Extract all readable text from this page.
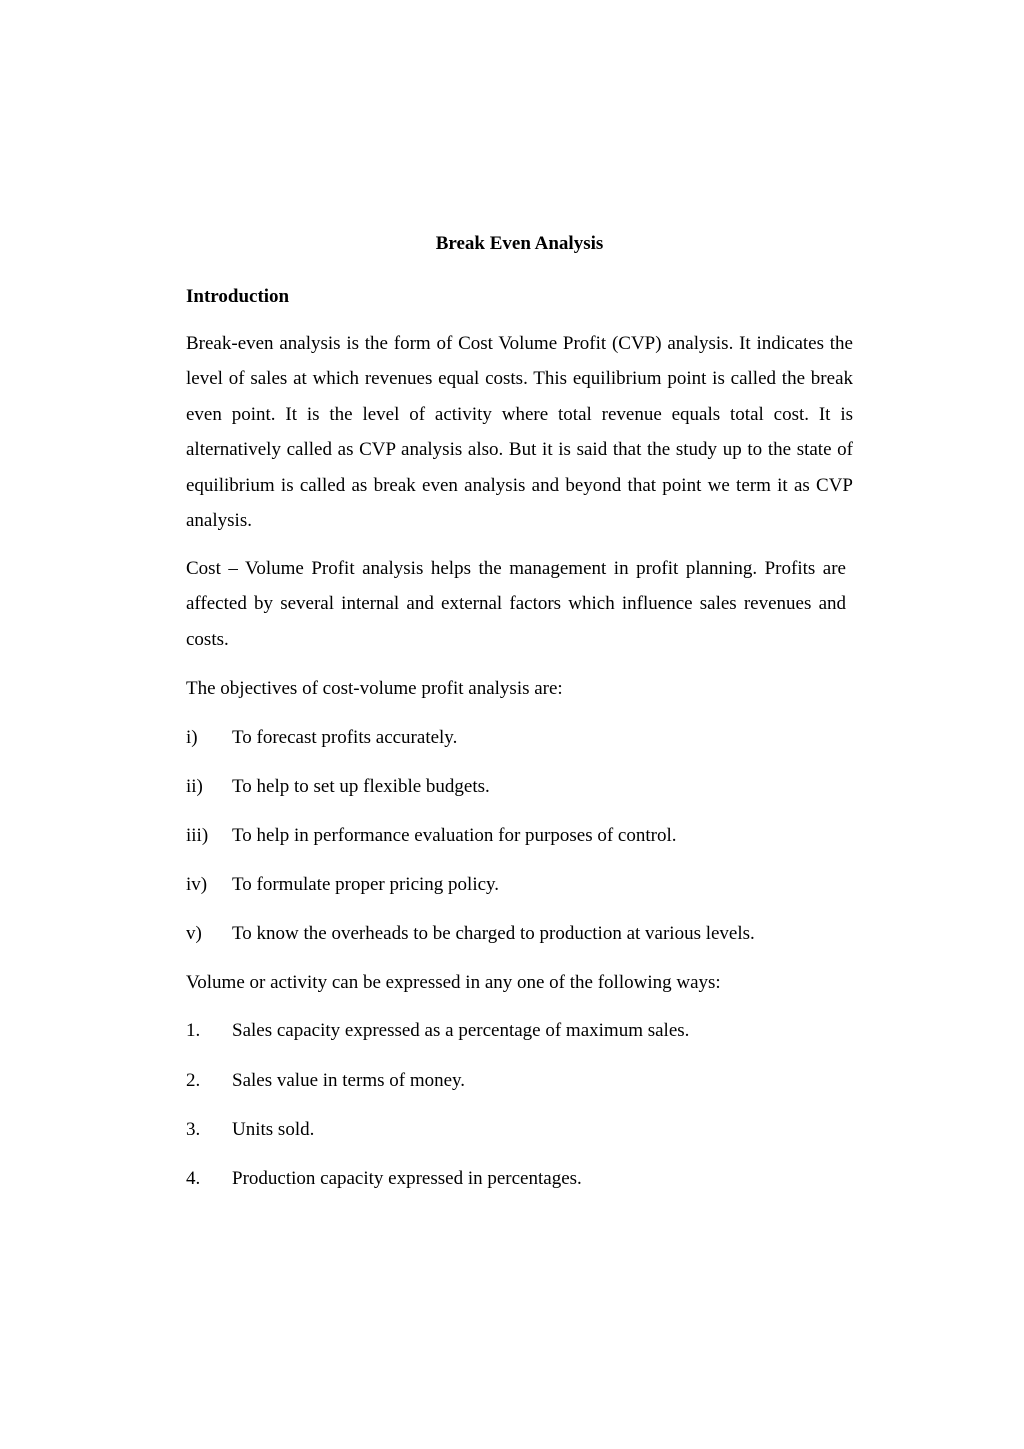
Break Even Analysis
Introduction

Break-even analysis is the form of Cost Volume Profit (CVP) analysis. It indicates the level of sales at which revenues equal costs. This equilibrium point is called the break even point. It is the level of activity where total revenue equals total cost. It is alternatively called as CVP analysis also. But it is said that the study up to the state of equilibrium is called as break even analysis and beyond that point we term it as CVP analysis.

Cost – Volume Profit analysis helps the management in profit planning. Profits are affected by several internal and external factors which influence sales revenues and costs.

The objectives of cost-volume profit analysis are:

i) To forecast profits accurately.
ii) To help to set up flexible budgets.
iii) To help in performance evaluation for purposes of control.
iv) To formulate proper pricing policy.
v) To know the overheads to be charged to production at various levels.

Volume or activity can be expressed in any one of the following ways:

1. Sales capacity expressed as a percentage of maximum sales.
2. Sales value in terms of money.
3. Units sold.
4. Production capacity expressed in percentages.
